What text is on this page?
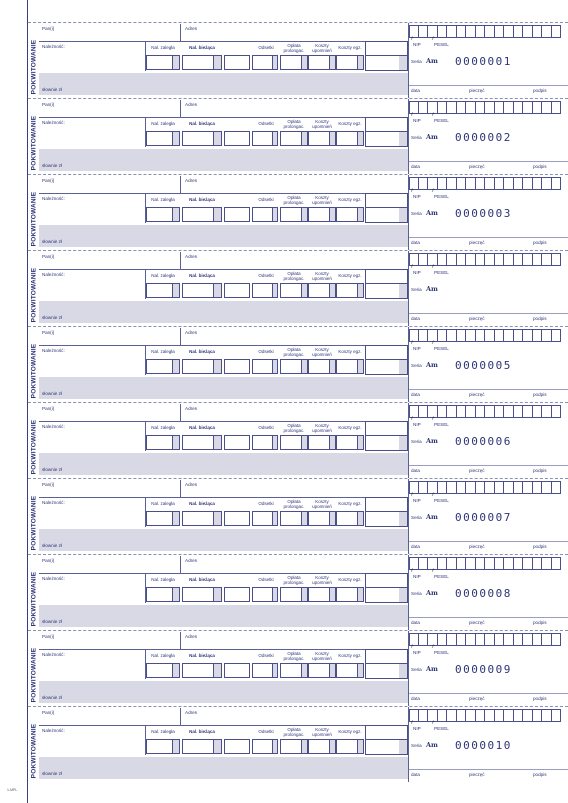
POKWITOWANIE
Pan(i)	Adres
Należność:	Nal. zaległa	Nal. bieżąca	Odsetki	Opłata prolongac.
Koszty upomnień	Koszty egz.
słownie zł
↱	↱
NIP	PESEL
Seria Am 0000001
data	pieczęć	podpis
POKWITOWANIE
Pan(i)	Adres
Należność:	Nal. zaległa	Nal. bieżąca	Odsetki	Opłata prolongac.
Koszty upomnień	Koszty egz.
słownie zł
↱	↱
NIP	PESEL
Seria Am 0000002
data	pieczęć	podpis
POKWITOWANIE
Pan(i)	Adres
Należność:	Nal. zaległa	Nal. bieżąca	Odsetki	Opłata prolongac.
Koszty upomnień	Koszty egz.
słownie zł
↱	↱
NIP	PESEL
Seria Am 0000003
data	pieczęć	podpis
POKWITOWANIE
Pan(i)	Adres
Należność:	Nal. zaległa	Nal. bieżąca	Odsetki	Opłata prolongac.
Koszty upomnień	Koszty egz.
słownie zł
↱	↱
NIP	PESEL
Seria Am
data	pieczęć	podpis
POKWITOWANIE
Pan(i)	Adres
Należność:	Nal. zaległa	Nal. bieżąca	Odsetki	Opłata prolongac.
Koszty upomnień	Koszty egz.
słownie zł
↱	↱
NIP	PESEL
Seria Am 0000005
data	pieczęć	podpis
POKWITOWANIE
Pan(i)	Adres
Należność:	Nal. zaległa	Nal. bieżąca	Odsetki	Opłata prolongac.
Koszty upomnień	Koszty egz.
słownie zł
↱	↱
NIP	PESEL
Seria Am 0000006
data	pieczęć	podpis
POKWITOWANIE
Pan(i)	Adres
Należność:	Nal. zaległa	Nal. bieżąca	Odsetki	Opłata prolongac.
Koszty upomnień	Koszty egz.
słownie zł
↱	↱
NIP	PESEL
Seria Am 0000007
data	pieczęć	podpis
POKWITOWANIE
Pan(i)	Adres
Należność:	Nal. zaległa	Nal. bieżąca	Odsetki	Opłata prolongac.
Koszty upomnień	Koszty egz.
słownie zł
↱	↱
NIP	PESEL
Seria Am 0000008
data	pieczęć	podpis
POKWITOWANIE
Pan(i)	Adres
Należność:	Nal. zaległa	Nal. bieżąca	Odsetki	Opłata prolongac.
Koszty upomnień	Koszty egz.
słownie zł
↱	↱
NIP	PESEL
Seria Am 0000009
data	pieczęć	podpis
POKWITOWANIE
Pan(i)	Adres
Należność:	Nal. zaległa	Nal. bieżąca	Odsetki	Opłata prolongac.
Koszty upomnień	Koszty egz.
słownie zł
↱	↱
NIP	PESEL
Seria Am 0000010
data	pieczęć	podpis
1-MPL
